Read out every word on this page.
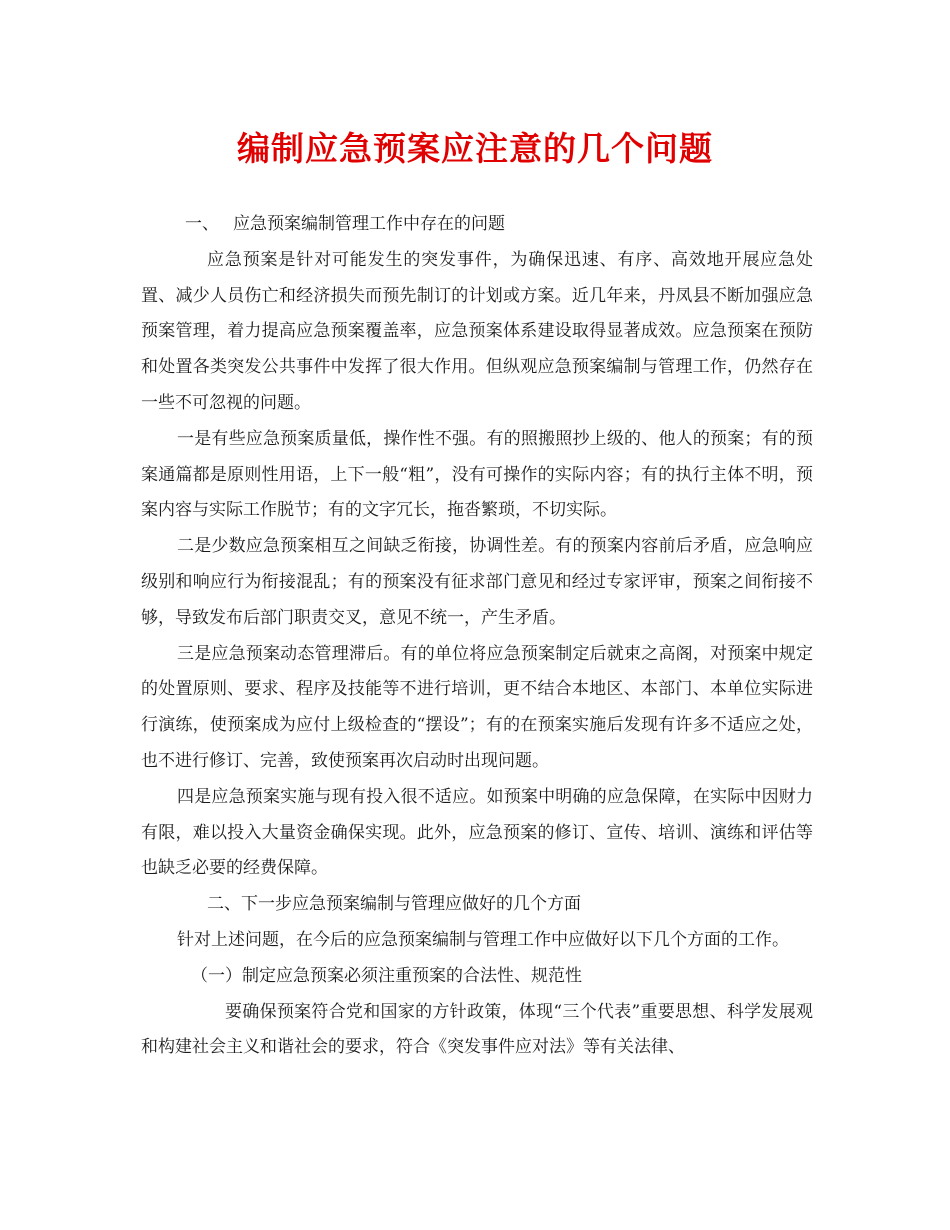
编制应急预案应注意的几个问题

一、 应急预案编制管理工作中存在的问题

应急预案是针对可能发生的突发事件，为确保迅速、有序、高效地开展应急处置、减少人员伤亡和经济损失而预先制订的计划或方案。近几年来，丹凤县不断加强应急预案管理，着力提高应急预案覆盖率，应急预案体系建设取得显著成效。应急预案在预防和处置各类突发公共事件中发挥了很大作用。但纵观应急预案编制与管理工作，仍然存在一些不可忽视的问题。

一是有些应急预案质量低，操作性不强。有的照搬照抄上级的、他人的预案；有的预案通篇都是原则性用语，上下一般“粗”，没有可操作的实际内容；有的执行主体不明，预案内容与实际工作脱节；有的文字冗长，拖沓繁琐，不切实际。

二是少数应急预案相互之间缺乏衔接，协调性差。有的预案内容前后矛盾，应急响应级别和响应行为衔接混乱；有的预案没有征求部门意见和经过专家评审，预案之间衔接不够，导致发布后部门职责交叉，意见不统一，产生矛盾。

三是应急预案动态管理滞后。有的单位将应急预案制定后就束之高阁，对预案中规定的处置原则、要求、程序及技能等不进行培训，更不结合本地区、本部门、本单位实际进行演练，使预案成为应付上级检查的“摆设”；有的在预案实施后发现有许多不适应之处，也不进行修订、完善，致使预案再次启动时出现问题。

四是应急预案实施与现有投入很不适应。如预案中明确的应急保障，在实际中因财力有限，难以投入大量资金确保实现。此外，应急预案的修订、宣传、培训、演练和评估等也缺乏必要的经费保障。

二、下一步应急预案编制与管理应做好的几个方面

针对上述问题，在今后的应急预案编制与管理工作中应做好以下几个方面的工作。

（一）制定应急预案必须注重预案的合法性、规范性

要确保预案符合党和国家的方针政策，体现“三个代表”重要思想、科学发展观和构建社会主义和谐社会的要求，符合《突发事件应对法》等有关法律、
